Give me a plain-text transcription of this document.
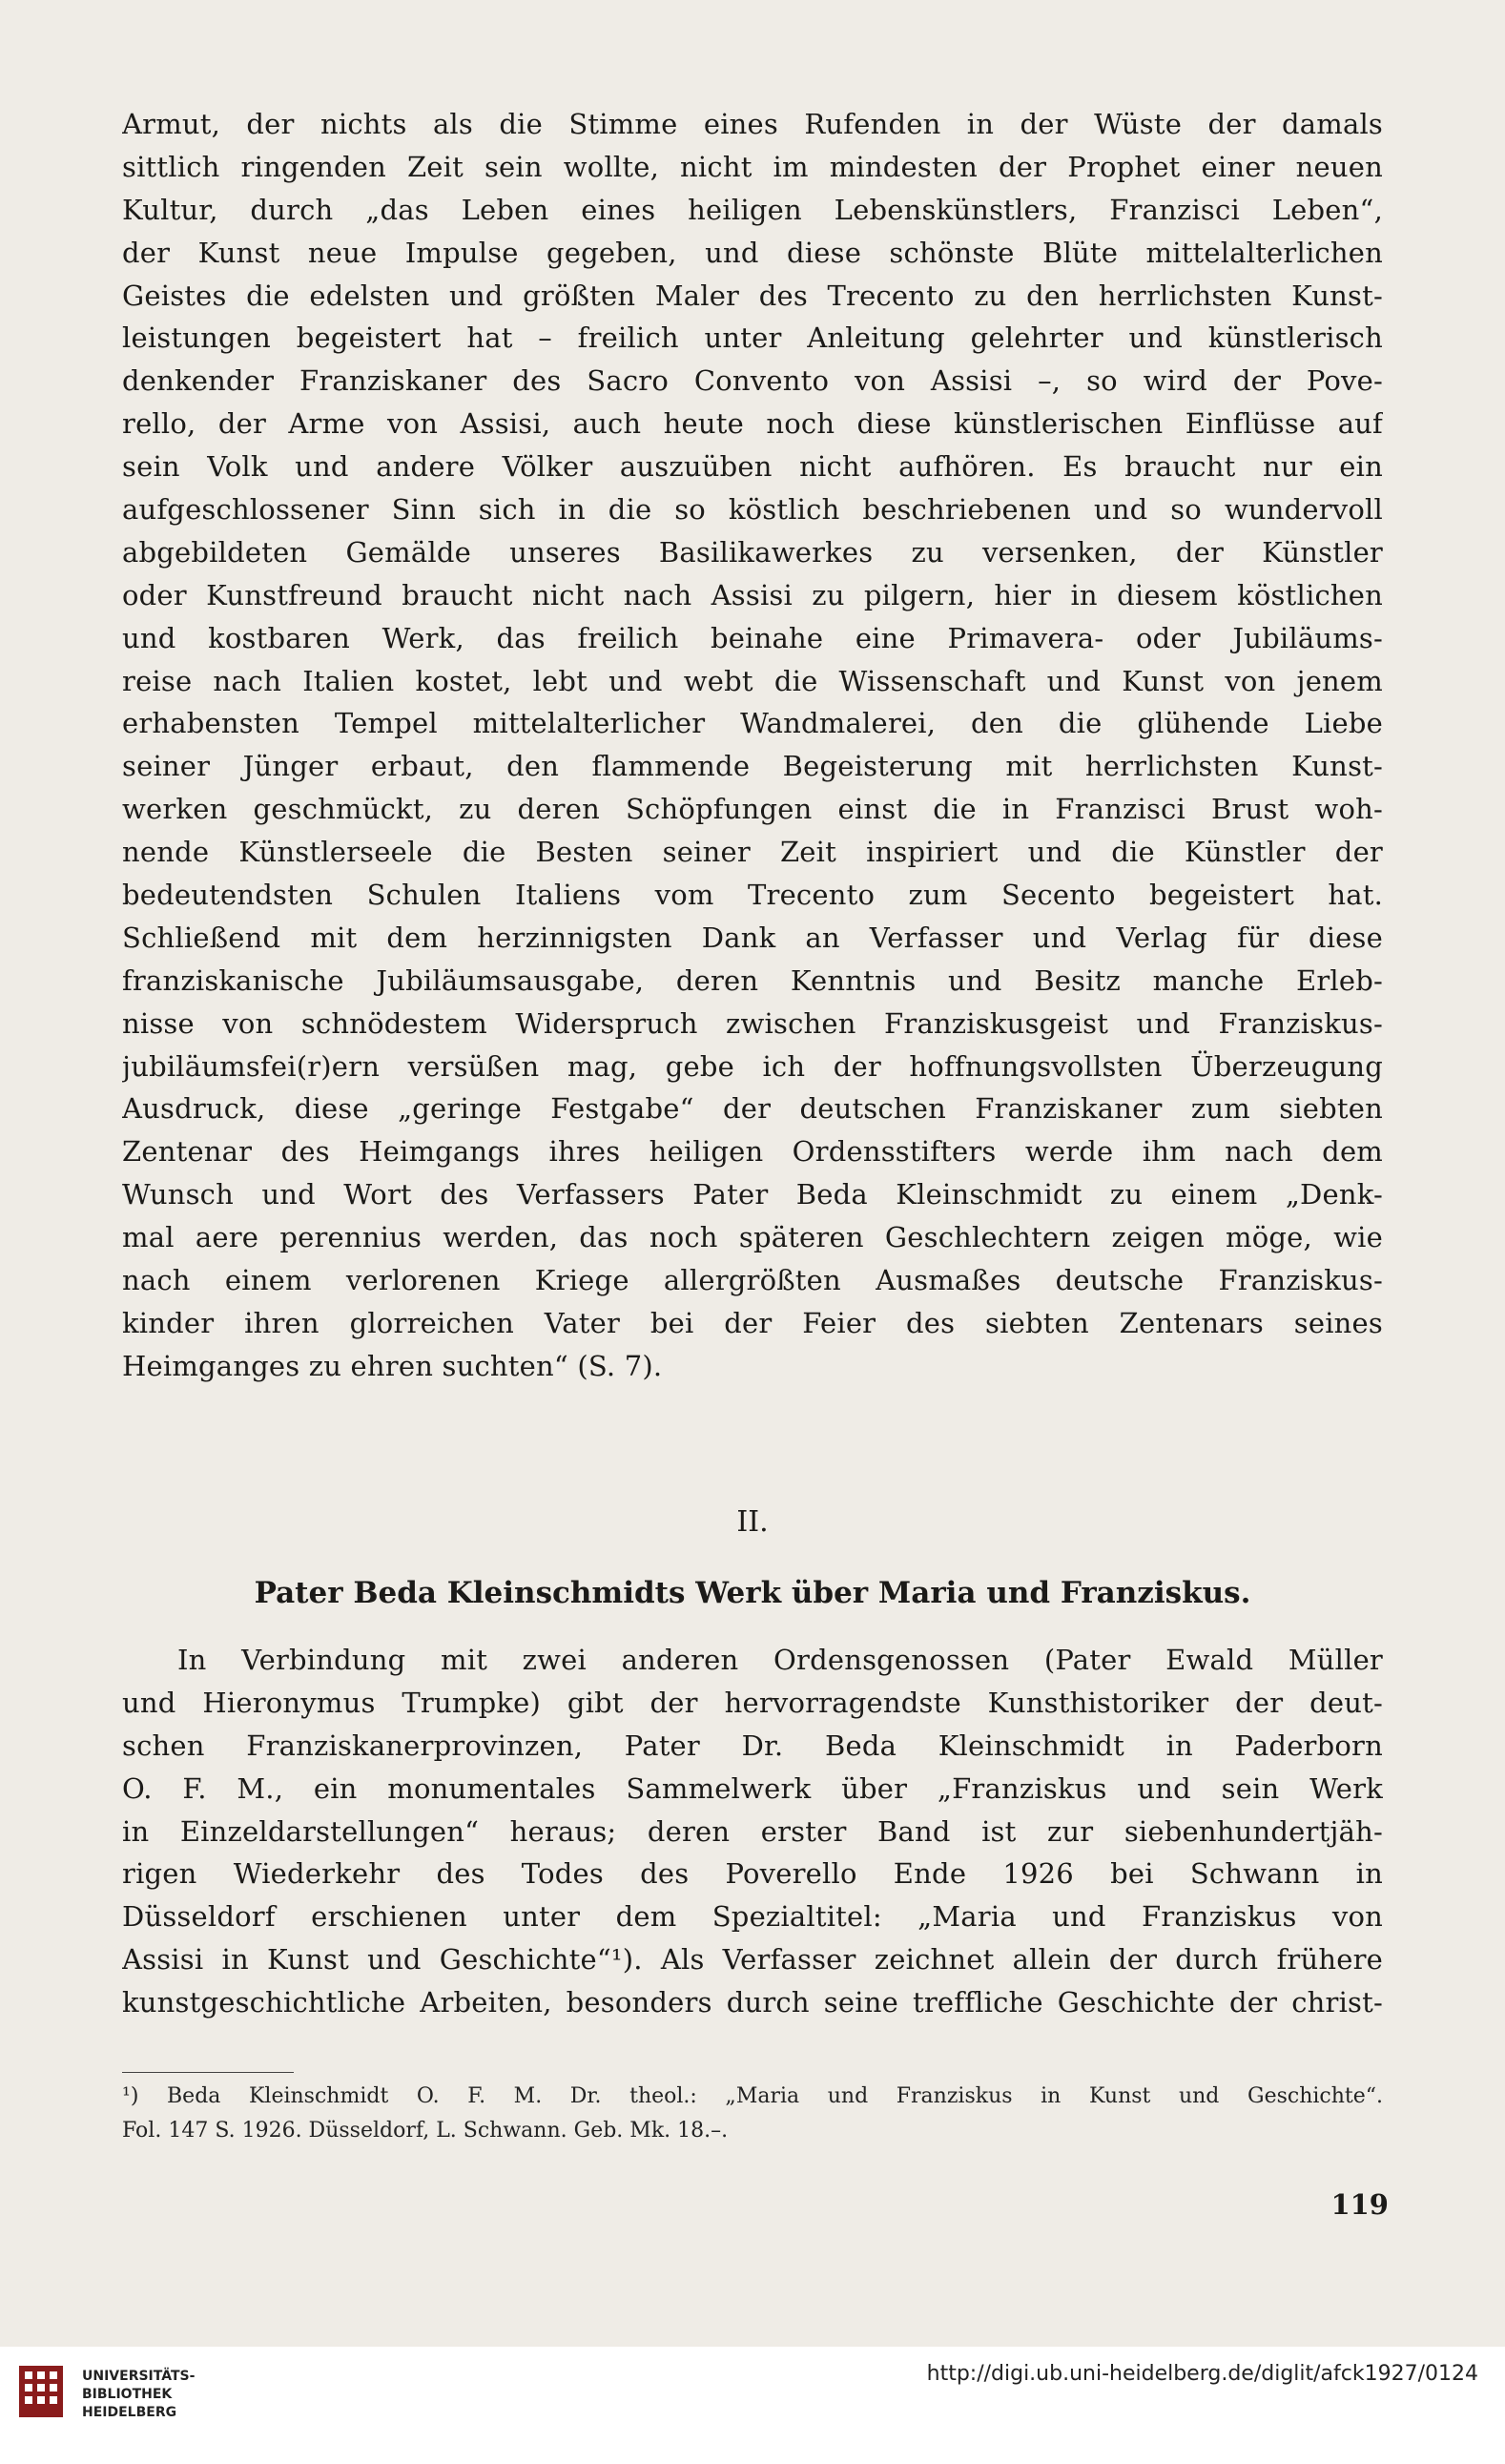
Armut, der nichts als die Stimme eines Rufenden in der Wüste der damals
sittlich ringenden Zeit sein wollte, nicht im mindesten der Prophet einer neuen
Kultur, durch „das Leben eines heiligen Lebenskünstlers, Franzisci Leben“,
der Kunst neue Impulse gegeben, und diese schönste Blüte mittelalterlichen
Geistes die edelsten und größten Maler des Trecento zu den herrlichsten Kunst-
leistungen begeistert hat – freilich unter Anleitung gelehrter und künstlerisch
denkender Franziskaner des Sacro Convento von Assisi –, so wird der Pove-
rello, der Arme von Assisi, auch heute noch diese künstlerischen Einflüsse auf
sein Volk und andere Völker auszuüben nicht aufhören. Es braucht nur ein
aufgeschlossener Sinn sich in die so köstlich beschriebenen und so wundervoll
abgebildeten Gemälde unseres Basilikawerkes zu versenken, der Künstler
oder Kunstfreund braucht nicht nach Assisi zu pilgern, hier in diesem köstlichen
und kostbaren Werk, das freilich beinahe eine Primavera- oder Jubiläums-
reise nach Italien kostet, lebt und webt die Wissenschaft und Kunst von jenem
erhabensten Tempel mittelalterlicher Wandmalerei, den die glühende Liebe
seiner Jünger erbaut, den flammende Begeisterung mit herrlichsten Kunst-
werken geschmückt, zu deren Schöpfungen einst die in Franzisci Brust woh-
nende Künstlerseele die Besten seiner Zeit inspiriert und die Künstler der
bedeutendsten Schulen Italiens vom Trecento zum Secento begeistert hat.
Schließend mit dem herzinnigsten Dank an Verfasser und Verlag für diese
franziskanische Jubiläumsausgabe, deren Kenntnis und Besitz manche Erleb-
nisse von schnödestem Widerspruch zwischen Franziskusgeist und Franziskus-
jubiläumsfei(r)ern versüßen mag, gebe ich der hoffnungsvollsten Überzeugung
Ausdruck, diese „geringe Festgabe“ der deutschen Franziskaner zum siebten
Zentenar des Heimgangs ihres heiligen Ordensstifters werde ihm nach dem
Wunsch und Wort des Verfassers Pater Beda Kleinschmidt zu einem „Denk-
mal aere perennius werden, das noch späteren Geschlechtern zeigen möge, wie
nach einem verlorenen Kriege allergrößten Ausmaßes deutsche Franziskus-
kinder ihren glorreichen Vater bei der Feier des siebten Zentenars seines
Heimganges zu ehren suchten“ (S. 7).
II.
Pater Beda Kleinschmidts Werk über Maria und Franziskus.
In Verbindung mit zwei anderen Ordensgenossen (Pater Ewald Müller
und Hieronymus Trumpke) gibt der hervorragendste Kunsthistoriker der deut-
schen Franziskanerprovinzen, Pater Dr. Beda Kleinschmidt in Paderborn
O. F. M., ein monumentales Sammelwerk über „Franziskus und sein Werk
in Einzeldarstellungen“ heraus; deren erster Band ist zur siebenhundertjäh-
rigen Wiederkehr des Todes des Poverello Ende 1926 bei Schwann in
Düsseldorf erschienen unter dem Spezialtitel: „Maria und Franziskus von
Assisi in Kunst und Geschichte“¹). Als Verfasser zeichnet allein der durch frühere
kunstgeschichtliche Arbeiten, besonders durch seine treffliche Geschichte der christ-
¹) Beda Kleinschmidt O. F. M. Dr. theol.: „Maria und Franziskus in Kunst und Geschichte“.
Fol. 147 S. 1926. Düsseldorf, L. Schwann. Geb. Mk. 18.–.
119
UNIVERSITÄTS-
BIBLIOTHEK
HEIDELBERG
http://digi.ub.uni-heidelberg.de/diglit/afck1927/0124
